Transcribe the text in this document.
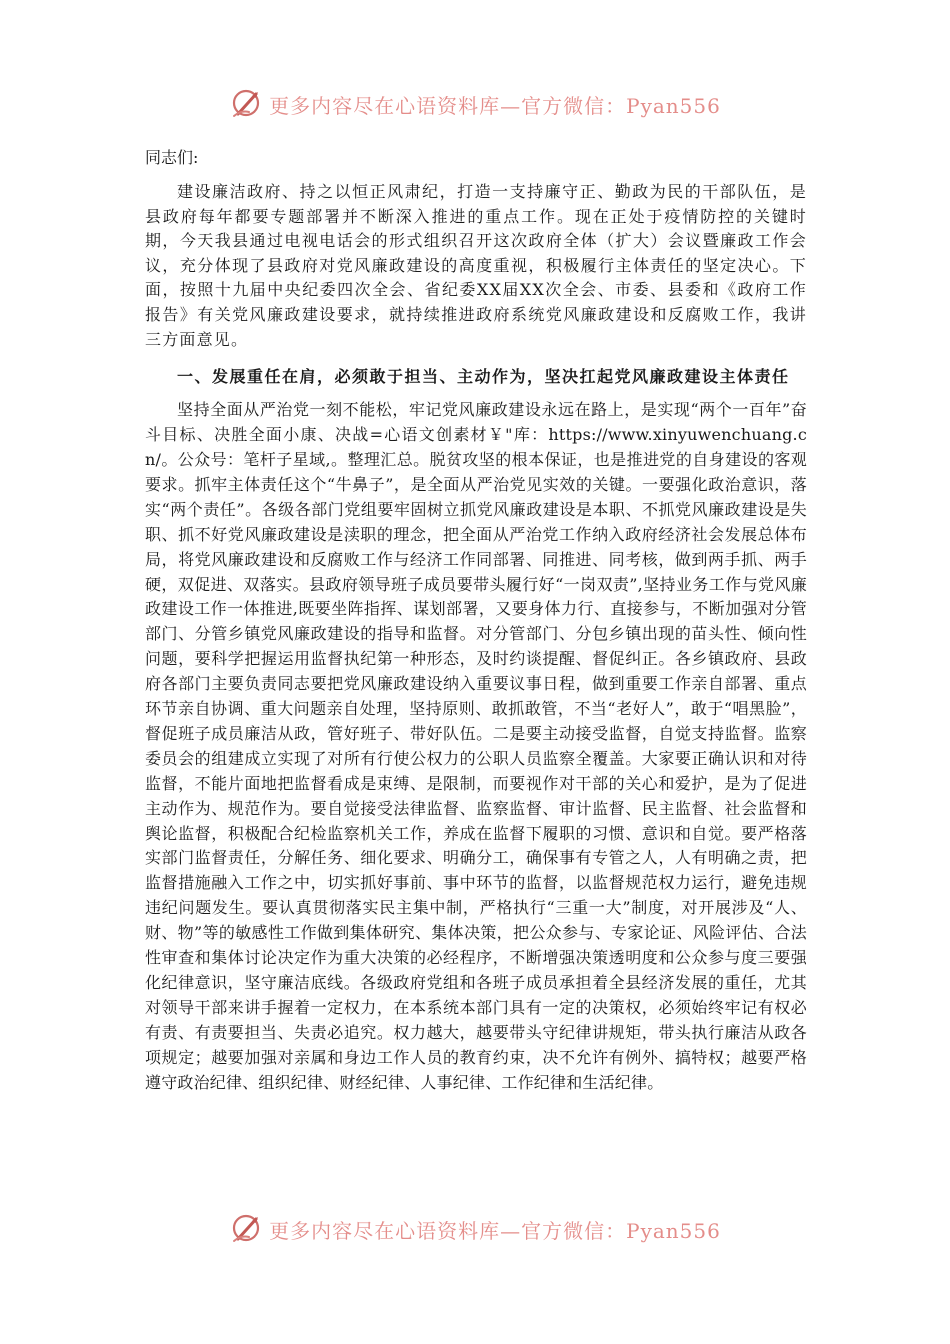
更多内容尽在心语资料库—官方微信：Pyan556

同志们:

建设廉洁政府、持之以恒正风肃纪，打造一支持廉守正、勤政为民的干部队伍，是县政府每年都要专题部署并不断深入推进的重点工作。现在正处于疫情防控的关键时期，今天我县通过电视电话会的形式组织召开这次政府全体（扩大）会议暨廉政工作会议，充分体现了县政府对党风廉政建设的高度重视，积极履行主体责任的坚定决心。下面，按照十九届中央纪委四次全会、省纪委XX届XX次全会、市委、县委和《政府工作报告》有关党风廉政建设要求，就持续推进政府系统党风廉政建设和反腐败工作，我讲三方面意见。

一、发展重任在肩，必须敢于担当、主动作为，坚决扛起党风廉政建设主体责任

坚持全面从严治党一刻不能松，牢记党风廉政建设永远在路上，是实现“两个一百年”奋斗目标、决胜全面小康、决战=心语文创素材￥"库：https://www.xinyuwenchuang.cn/。公众号：笔杆子星域,。整理汇总。脱贫攻坚的根本保证，也是推进党的自身建设的客观要求。抓牢主体责任这个“牛鼻子”，是全面从严治党见实效的关键。一要强化政治意识，落实“两个责任”。各级各部门党组要牢固树立抓党风廉政建设是本职、不抓党风廉政建设是失职、抓不好党风廉政建设是渎职的理念，把全面从严治党工作纳入政府经济社会发展总体布局，将党风廉政建设和反腐败工作与经济工作同部署、同推进、同考核，做到两手抓、两手硬，双促进、双落实。县政府领导班子成员要带头履行好“一岗双责”,坚持业务工作与党风廉政建设工作一体推进,既要坐阵指挥、谋划部署，又要身体力行、直接参与，不断加强对分管部门、分管乡镇党风廉政建设的指导和监督。对分管部门、分包乡镇出现的苗头性、倾向性问题，要科学把握运用监督执纪第一种形态，及时约谈提醒、督促纠正。各乡镇政府、县政府各部门主要负责同志要把党风廉政建设纳入重要议事日程，做到重要工作亲自部署、重点环节亲自协调、重大问题亲自处理，坚持原则、敢抓敢管，不当“老好人”，敢于“唱黑脸”，督促班子成员廉洁从政，管好班子、带好队伍。二是要主动接受监督，自觉支持监督。监察委员会的组建成立实现了对所有行使公权力的公职人员监察全覆盖。大家要正确认识和对待监督，不能片面地把监督看成是束缚、是限制，而要视作对干部的关心和爱护，是为了促进主动作为、规范作为。要自觉接受法律监督、监察监督、审计监督、民主监督、社会监督和舆论监督，积极配合纪检监察机关工作，养成在监督下履职的习惯、意识和自觉。要严格落实部门监督责任，分解任务、细化要求、明确分工，确保事有专管之人，人有明确之责，把监督措施融入工作之中，切实抓好事前、事中环节的监督，以监督规范权力运行，避免违规违纪问题发生。要认真贯彻落实民主集中制，严格执行“三重一大”制度，对开展涉及“人、财、物”等的敏感性工作做到集体研究、集体决策，把公众参与、专家论证、风险评估、合法性审查和集体讨论决定作为重大决策的必经程序，不断增强决策透明度和公众参与度三要强化纪律意识，坚守廉洁底线。各级政府党组和各班子成员承担着全县经济发展的重任，尤其对领导干部来讲手握着一定权力，在本系统本部门具有一定的决策权，必须始终牢记有权必有责、有责要担当、失责必追究。权力越大，越要带头守纪律讲规矩，带头执行廉洁从政各项规定；越要加强对亲属和身边工作人员的教育约束，决不允许有例外、搞特权；越要严格遵守政治纪律、组织纪律、财经纪律、人事纪律、工作纪律和生活纪律。

更多内容尽在心语资料库—官方微信：Pyan556
